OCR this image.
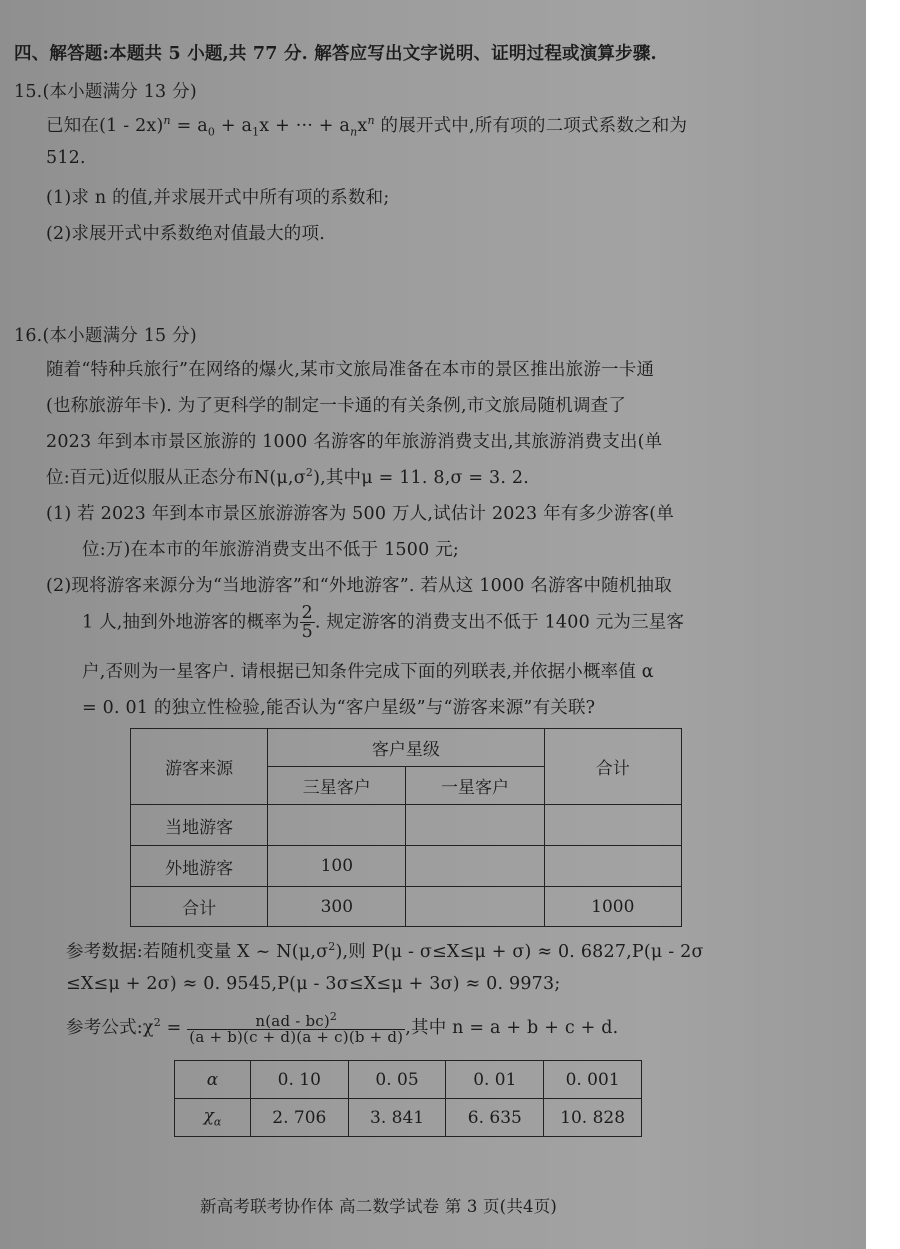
四、解答题:本题共 5 小题,共 77 分. 解答应写出文字说明、证明过程或演算步骤.
15.(本小题满分 13 分)
已知在$(1 - 2x)^n = a_0 + a_1x$ + ··· + $a_nx^n$ 的展开式中,所有项的二项式系数之和为
512.
(1)求 n 的值,并求展开式中所有项的系数和;
(2)求展开式中系数绝对值最大的项.
16.(本小题满分 15 分)
随着“特种兵旅行”在网络的爆火,某市文旅局准备在本市的景区推出旅游一卡通
(也称旅游年卡). 为了更科学的制定一卡通的有关条例,市文旅局随机调查了
2023 年到本市景区旅游的 1000 名游客的年旅游消费支出,其旅游消费支出(单
位:百元)近似服从正态分布$N(\mu,\sigma^2)$,其中μ = 11. 8,σ = 3. 2.
(1) 若 2023 年到本市景区旅游游客为 500 万人,试估计 2023 年有多少游客(单
位:万)在本市的年旅游消费支出不低于 1500 元;
(2)现将游客来源分为“当地游客”和“外地游客”. 若从这 1000 名游客中随机抽取
1 人,抽到外地游客的概率为 $\frac{2}{5}$ . 规定游客的消费支出不低于 1400 元为三星客
户,否则为一星客户. 请根据已知条件完成下面的列联表,并依据小概率值 α
= 0. 01 的独立性检验,能否认为“客户星级”与“游客来源”有关联?
游客来源	客户星级		合计
	三星客户	一星客户	
当地游客			
外地游客	100		
合计	300		1000
参考数据:若随机变量 X ~ $N(\mu,\sigma^2)$,则 P(μ - σ≤X≤μ + σ) ≈ 0. 6827,P(μ - 2σ
≤X≤μ + 2σ) ≈ 0. 9545,P(μ - 3σ≤X≤μ + 3σ) ≈ 0. 9973;
参考公式$:\chi^2 = \frac{n(ad - bc)^2}{(a + b)(c + d)(a + c)(b + d)}$ ,其中 n = a + b + c + d.
α	0. 10	0. 05	0. 01	0. 001
$\chi_\alpha$	2. 706	3. 841	6. 635	10. 828
新高考联考协作体 高二数学试卷 第 3 页(共4页)
